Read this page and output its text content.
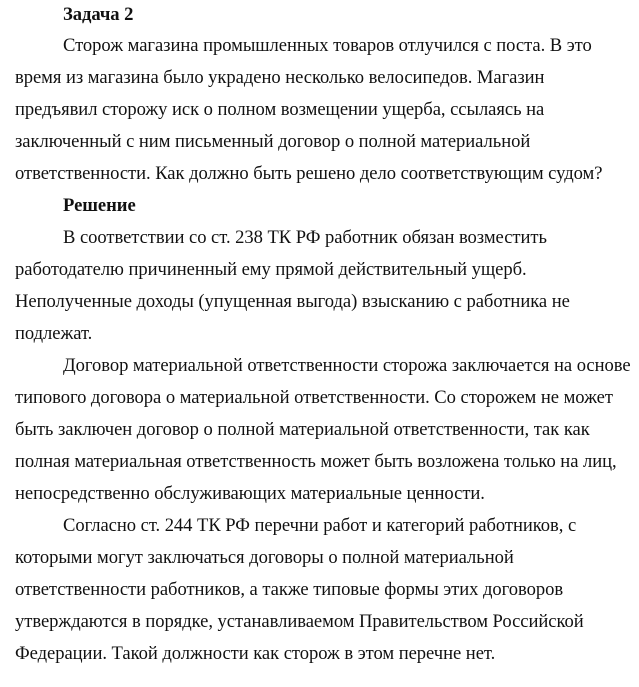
Задача 2
Сторож магазина промышленных товаров отлучился с поста. В это
время из магазина было украдено несколько велосипедов. Магазин
предъявил сторожу иск о полном возмещении ущерба, ссылаясь на
заключенный с ним письменный договор о полной материальной
ответственности. Как должно быть решено дело соответствующим судом?
Решение
В соответствии со ст. 238 ТК РФ работник обязан возместить
работодателю причиненный ему прямой действительный ущерб.
Неполученные доходы (упущенная выгода) взысканию с работника не
подлежат.
Договор материальной ответственности сторожа заключается на основе
типового договора о материальной ответственности. Со сторожем не может
быть заключен договор о полной материальной ответственности, так как
полная материальная ответственность может быть возложена только на лиц,
непосредственно обслуживающих материальные ценности.
Согласно ст. 244 ТК РФ перечни работ и категорий работников, с
которыми могут заключаться договоры о полной материальной
ответственности работников, а также типовые формы этих договоров
утверждаются в порядке, устанавливаемом Правительством Российской
Федерации. Такой должности как сторож в этом перечне нет.
